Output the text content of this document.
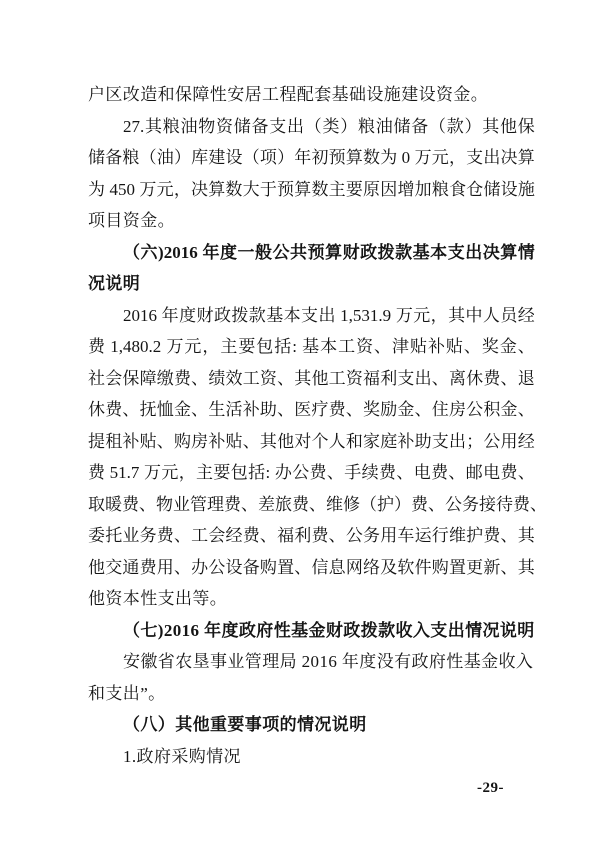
户区改造和保障性安居工程配套基础设施建设资金。
27. 其 粮 油 物 资 储 备 支 出 （ 类 ） 粮 油 储 备 （ 款 ） 其 他 保
储 备 粮 （ 油 ） 库 建 设 （ 项 ） 年 初 预 算 数 为 0 万 元 ， 支 出 决 算
为 450 万 元 ， 决 算 数 大 于 预 算 数 主 要 原 因 增 加 粮 食 仓 储 设 施
项目资金。
（ 六 )2016 年 度 一 般 公 共 预 算 财 政 拨 款 基 本 支 出 决 算 情
况说明
2016 年 度 财 政 拨 款 基 本 支 出 1,531.9 万 元 ， 其 中 人 员 经
费 1,480.2 万 元 ， 主 要 包 括 : 基 本 工 资 、 津 贴 补 贴 、 奖 金 、
社 会 保 障 缴 费 、 绩 效 工 资 、 其 他 工 资 福 利 支 出 、 离 休 费 、 退
休 费 、 抚 恤 金 、 生 活 补 助 、 医 疗 费 、 奖 励 金 、 住 房 公 积 金 、
提 租 补 贴 、 购 房 补 贴 、 其 他 对 个 人 和 家 庭 补 助 支 出 ； 公 用 经
费 51.7 万 元 ， 主 要 包 括 : 办 公 费 、 手 续 费 、 电 费 、 邮 电 费 、
取 暖 费 、 物 业 管 理 费 、 差 旅 费 、 维 修 （ 护 ） 费 、 公 务 接 待 费 、
委 托 业 务 费 、 工 会 经 费 、 福 利 费 、 公 务 用 车 运 行 维 护 费 、 其
他 交 通 费 用 、 办 公 设 备 购 置 、 信 息 网 络 及 软 件 购 置 更 新 、 其
他资本性支出等。
（七)2016 年度政府性基金财政拨款收入支出情况说明
安徽省农垦事业管理局 2016 年度没有政府性基金收入
和支出”。
（八）其他重要事项的情况说明
1.政府采购情况
-29-
